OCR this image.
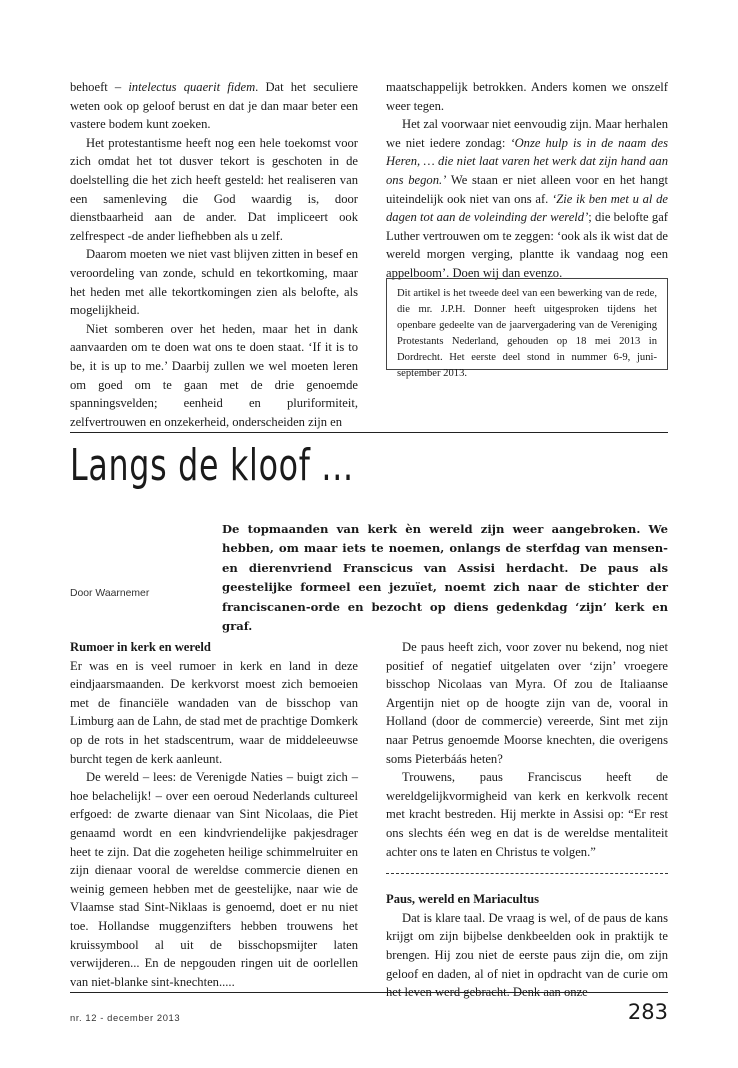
behoeft – intelectus quaerit fidem. Dat het seculiere weten ook op geloof berust en dat je dan maar beter een vastere bodem kunt zoeken.

Het protestantisme heeft nog een hele toekomst voor zich omdat het tot dusver tekort is geschoten in de doelstelling die het zich heeft gesteld: het realiseren van een samenleving die God waardig is, door dienstbaarheid aan de ander. Dat impliceert ook zelfrespect -de ander liefhebben als u zelf.

Daarom moeten we niet vast blijven zitten in besef en veroordeling van zonde, schuld en tekortkoming, maar het heden met alle tekortkomingen zien als belofte, als mogelijkheid.

Niet somberen over het heden, maar het in dank aanvaarden om te doen wat ons te doen staat. ‘If it is to be, it is up to me.’ Daarbij zullen we wel moeten leren om goed om te gaan met de drie genoemde spanningsvelden; eenheid en pluriformiteit, zelfvertrouwen en onzekerheid, onderscheiden zijn en

maatschappelijk betrokken. Anders komen we onszelf weer tegen.

Het zal voorwaar niet eenvoudig zijn. Maar herhalen we niet iedere zondag: ‘Onze hulp is in de naam des Heren, … die niet laat varen het werk dat zijn hand aan ons begon.’ We staan er niet alleen voor en het hangt uiteindelijk ook niet van ons af. ‘Zie ik ben met u al de dagen tot aan de voleinding der wereld’; die belofte gaf Luther vertrouwen om te zeggen: ‘ook als ik wist dat de wereld morgen verging, plantte ik vandaag nog een appelboom’. Doen wij dan evenzo.

Dit artikel is het tweede deel van een bewerking van de rede, die mr. J.P.H. Donner heeft uitgesproken tijdens het openbare gedeelte van de jaarvergadering van de Vereniging Protestants Nederland, gehouden op 18 mei 2013 in Dordrecht. Het eerste deel stond in nummer 6-9, juni-september 2013.
Langs de kloof ...

De topmaanden van kerk èn wereld zijn weer aangebroken. We hebben, om maar iets te noemen, onlangs de sterfdag van mensen- en dierenvriend Franscicus van Assisi herdacht. De paus als geestelijke formeel een jezuïet, noemt zich naar de stichter der franciscanen-orde en bezocht op diens gedenkdag ‘zijn’ kerk en graf.

Door Waarnemer

Rumoer in kerk en wereld

Er was en is veel rumoer in kerk en land in deze eindjaarsmaanden. De kerkvorst moest zich bemoeien met de financiële wandaden van de bisschop van Limburg aan de Lahn, de stad met de prachtige Domkerk op de rots in het stadscentrum, waar de middeleeuwse burcht tegen de kerk aanleunt.

De wereld – lees: de Verenigde Naties – buigt zich – hoe belachelijk! – over een oeroud Nederlands cultureel erfgoed: de zwarte dienaar van Sint Nicolaas, die Piet genaamd wordt en een kindvriendelijke pakjesdrager heet te zijn. Dat die zogeheten heilige schimmelruiter en zijn dienaar vooral de wereldse commercie dienen en weinig gemeen hebben met de geestelijke, naar wie de Vlaamse stad Sint-Niklaas is genoemd, doet er nu niet toe. Hollandse muggenzifters hebben trouwens het kruissymbool al uit de bisschopsmijter laten verwijderen... En de nepgouden ringen uit de oorlellen van niet-blanke sint-knechten.....

De paus heeft zich, voor zover nu bekend, nog niet positief of negatief uitgelaten over ‘zijn’ vroegere bisschop Nicolaas van Myra. Of zou de Italiaanse Argentijn niet op de hoogte zijn van de, vooral in Holland (door de commercie) vereerde, Sint met zijn naar Petrus genoemde Moorse knechten, die overigens soms Pieterbáás heten?

Trouwens, paus Franciscus heeft de wereldgelijkvormigheid van kerk en kerkvolk recent met kracht bestreden. Hij merkte in Assisi op: “Er rest ons slechts één weg en dat is de wereldse mentaliteit achter ons te laten en Christus te volgen.”

Paus, wereld en Mariacultus

Dat is klare taal. De vraag is wel, of de paus de kans krijgt om zijn bijbelse denkbeelden ook in praktijk te brengen. Hij zou niet de eerste paus zijn die, om zijn geloof en daden, al of niet in opdracht van de curie om het leven werd gebracht. Denk aan onze

nr. 12 - december 2013	283
